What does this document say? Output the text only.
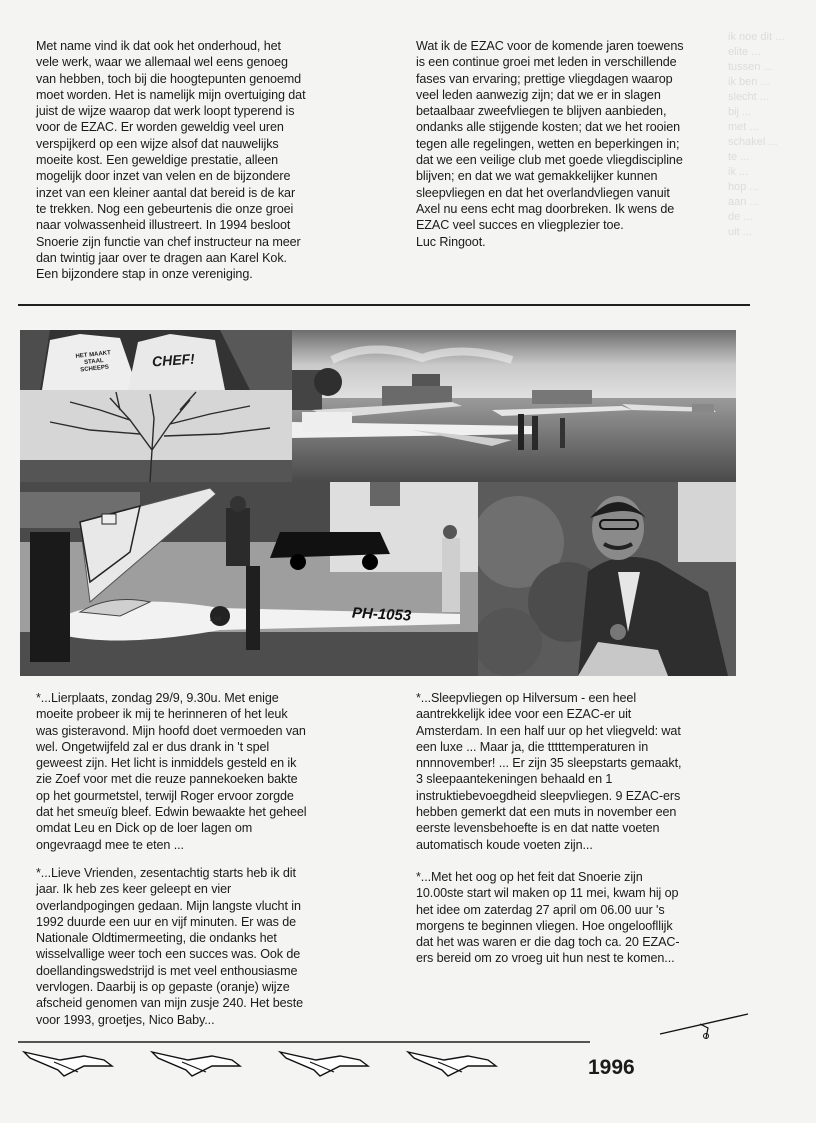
ik noe dit ...
elite ...
tussen ...
ik ben ...
slecht ...
bij ...
met ...
schakel ...
te ...
ik ...
hop ...
aan ...
de ...
uit ...
Met name vind ik dat ook het onderhoud, het
vele werk, waar we allemaal wel eens genoeg
van hebben, toch bij die hoogtepunten genoemd
moet worden. Het is namelijk mijn overtuiging dat
juist de wijze waarop dat werk loopt typerend is
voor de EZAC. Er worden geweldig veel uren
verspijkerd op een wijze alsof dat nauwelijks
moeite kost. Een geweldige prestatie, alleen
mogelijk door inzet van velen en de bijzondere
inzet van een kleiner aantal dat bereid is de kar
te trekken. Nog een gebeurtenis die onze groei
naar volwassenheid illustreert. In 1994 besloot
Snoerie zijn functie van chef instructeur na meer
dan twintig jaar over te dragen aan Karel Kok.
Een bijzondere stap in onze vereniging.
Wat ik de EZAC voor de komende jaren toewens
is een continue groei met leden in verschillende
fases van ervaring; prettige vliegdagen waarop
veel leden aanwezig zijn; dat we er in slagen
betaalbaar zweefvliegen te blijven aanbieden,
ondanks alle stijgende kosten; dat we het rooien
tegen alle regelingen, wetten en beperkingen in;
dat we een veilige club met goede vliegdiscipline
blijven; en dat we wat gemakkelijker kunnen
sleepvliegen en dat het overlandvliegen vanuit
Axel nu eens echt mag doorbreken. Ik wens de
EZAC veel succes en vliegplezier toe.
Luc Ringoot.
HET MAAKT
STAAL
SCHEEPS	CHEF!
PH-1053
LS4
*...Lierplaats, zondag 29/9, 9.30u. Met enige
moeite probeer ik mij te herinneren of het leuk
was gisteravond. Mijn hoofd doet vermoeden van
wel. Ongetwijfeld zal er dus drank in 't spel
geweest zijn. Het licht is inmiddels gesteld en ik
zie Zoef voor met die reuze pannekoeken bakte
op het gourmetstel, terwijl Roger ervoor zorgde
dat het smeuïg bleef. Edwin bewaakte het geheel
omdat Leu en Dick op de loer lagen om
ongevraagd mee te eten ...
*...Lieve Vrienden, zesentachtig starts heb ik dit
jaar. Ik heb zes keer geleept en vier
overlandpogingen gedaan. Mijn langste vlucht in
1992 duurde een uur en vijf minuten. Er was de
Nationale Oldtimermeeting, die ondanks het
wisselvallige weer toch een succes was. Ook de
doellandingswedstrijd is met veel enthousiasme
vervlogen. Daarbij is op gepaste (oranje) wijze
afscheid genomen van mijn zusje 240. Het beste
voor 1993, groetjes, Nico Baby...
*...Sleepvliegen op Hilversum - een heel
aantrekkelijk idee voor een EZAC-er uit
Amsterdam. In een half uur op het vliegveld: wat
een luxe ... Maar ja, die tttttemperaturen in
nnnnovember! ... Er zijn 35 sleepstarts gemaakt,
3 sleepaantekeningen behaald en 1
instruktiebevoegdheid sleepvliegen. 9 EZAC-ers
hebben gemerkt dat een muts in november een
eerste levensbehoefte is en dat natte voeten
automatisch koude voeten zijn...
*...Met het oog op het feit dat Snoerie zijn
10.00ste start wil maken op 11 mei, kwam hij op
het idee om zaterdag 27 april om 06.00 uur 's
morgens te beginnen vliegen. Hoe ongeloofllijk
dat het was waren er die dag toch ca. 20 EZAC-
ers bereid om zo vroeg uit hun nest te komen...
1996
